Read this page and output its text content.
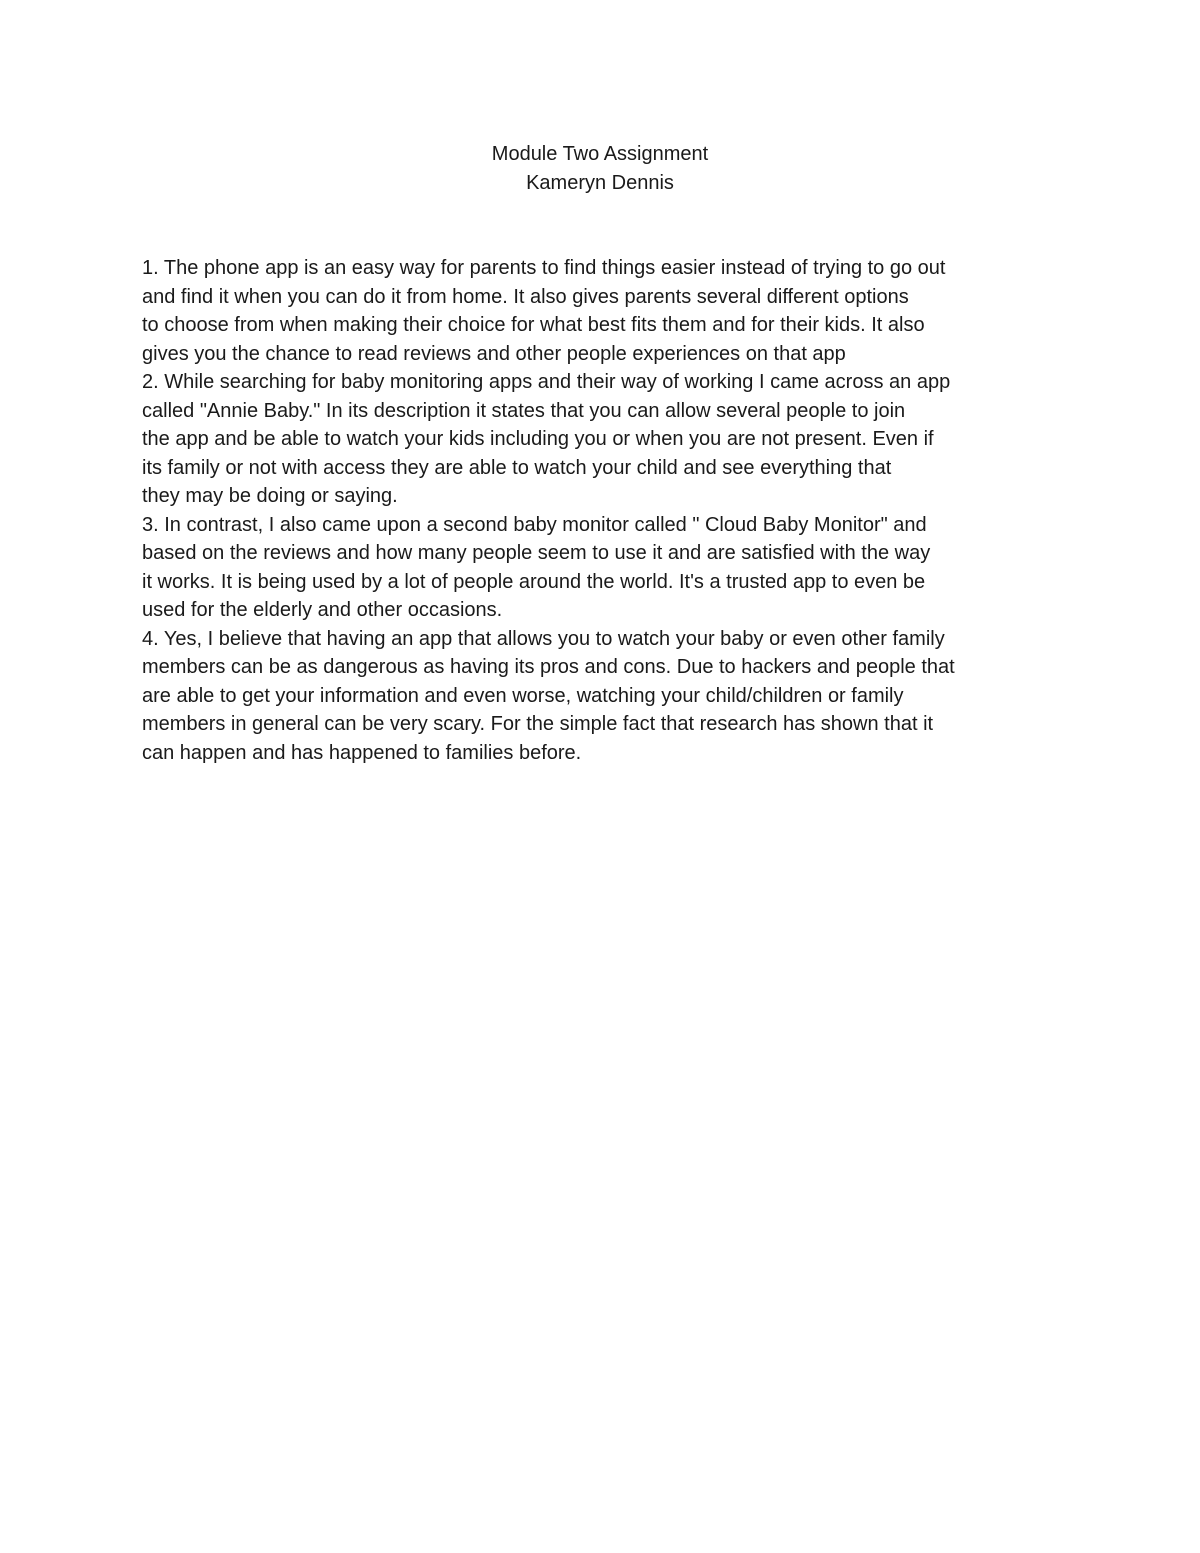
Module Two Assignment
Kameryn Dennis
1. The phone app is an easy way for parents to find things easier instead of trying to go out
and find it when you can do it from home. It also gives parents several different options
to choose from when making their choice for what best fits them and for their kids. It also
gives you the chance to read reviews and other people experiences on that app
2. While searching for baby monitoring apps and their way of working I came across an app
called "Annie Baby." In its description it states that you can allow several people to join
the app and be able to watch your kids including you or when you are not present. Even if
its family or not with access they are able to watch your child and see everything that
they may be doing or saying.
3. In contrast, I also came upon a second baby monitor called " Cloud Baby Monitor" and
based on the reviews and how many people seem to use it and are satisfied with the way
it works. It is being used by a lot of people around the world. It's a trusted app to even be
used for the elderly and other occasions.
4. Yes, I believe that having an app that allows you to watch your baby or even other family
members can be as dangerous as having its pros and cons. Due to hackers and people that
are able to get your information and even worse, watching your child/children or family
members in general can be very scary. For the simple fact that research has shown that it
can happen and has happened to families before.
